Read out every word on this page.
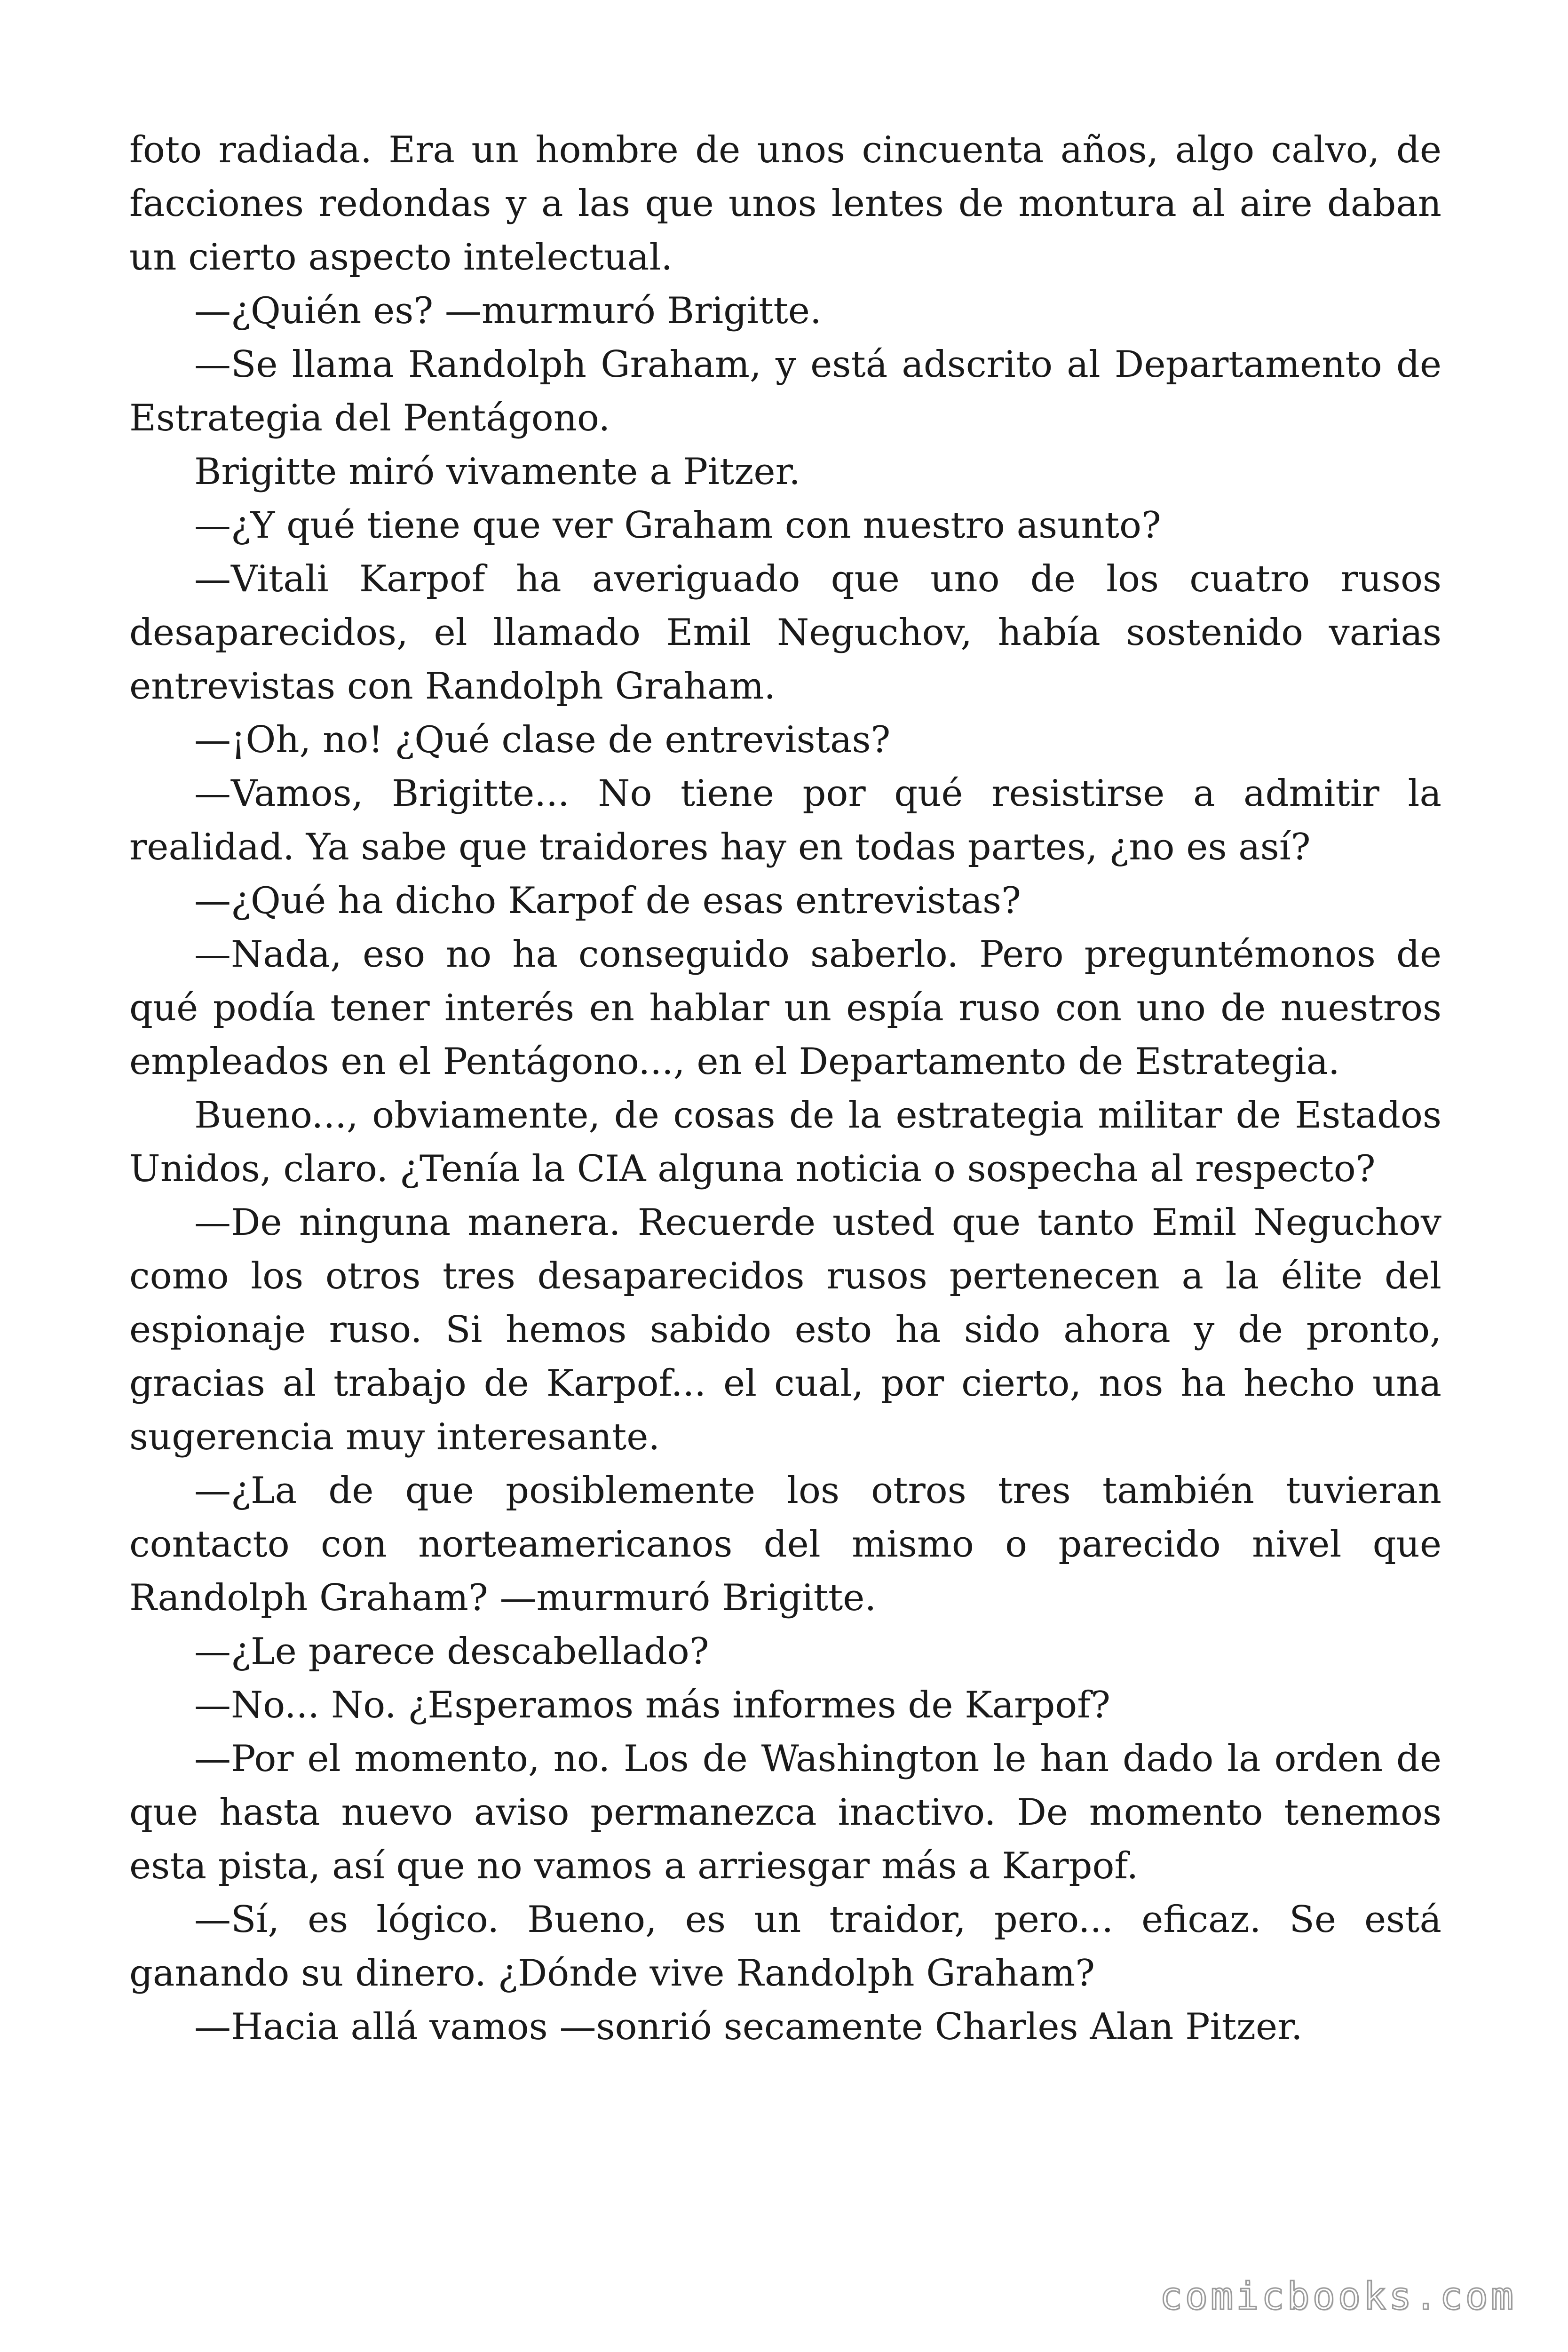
foto radiada. Era un hombre de unos cincuenta años, algo calvo, de facciones redondas y a las que unos lentes de montura al aire daban un cierto aspecto intelectual.

—¿Quién es? —murmuró Brigitte.

—Se llama Randolph Graham, y está adscrito al Departamento de Estrategia del Pentágono.

Brigitte miró vivamente a Pitzer.

—¿Y qué tiene que ver Graham con nuestro asunto?

—Vitali Karpof ha averiguado que uno de los cuatro rusos desaparecidos, el llamado Emil Neguchov, había sostenido varias entrevistas con Randolph Graham.

—¡Oh, no! ¿Qué clase de entrevistas?

—Vamos, Brigitte... No tiene por qué resistirse a admitir la realidad. Ya sabe que traidores hay en todas partes, ¿no es así?

—¿Qué ha dicho Karpof de esas entrevistas?

—Nada, eso no ha conseguido saberlo. Pero preguntémonos de qué podía tener interés en hablar un espía ruso con uno de nuestros empleados en el Pentágono..., en el Departamento de Estrategia.

Bueno..., obviamente, de cosas de la estrategia militar de Estados Unidos, claro. ¿Tenía la CIA alguna noticia o sospecha al respecto?

—De ninguna manera. Recuerde usted que tanto Emil Neguchov como los otros tres desaparecidos rusos pertenecen a la élite del espionaje ruso. Si hemos sabido esto ha sido ahora y de pronto, gracias al trabajo de Karpof... el cual, por cierto, nos ha hecho una sugerencia muy interesante.

—¿La de que posiblemente los otros tres también tuvieran contacto con norteamericanos del mismo o parecido nivel que Randolph Graham? —murmuró Brigitte.

—¿Le parece descabellado?

—No... No. ¿Esperamos más informes de Karpof?

—Por el momento, no. Los de Washington le han dado la orden de que hasta nuevo aviso permanezca inactivo. De momento tenemos esta pista, así que no vamos a arriesgar más a Karpof.

—Sí, es lógico. Bueno, es un traidor, pero... eficaz. Se está ganando su dinero. ¿Dónde vive Randolph Graham?

—Hacia allá vamos —sonrió secamente Charles Alan Pitzer.

comicbooks.com
